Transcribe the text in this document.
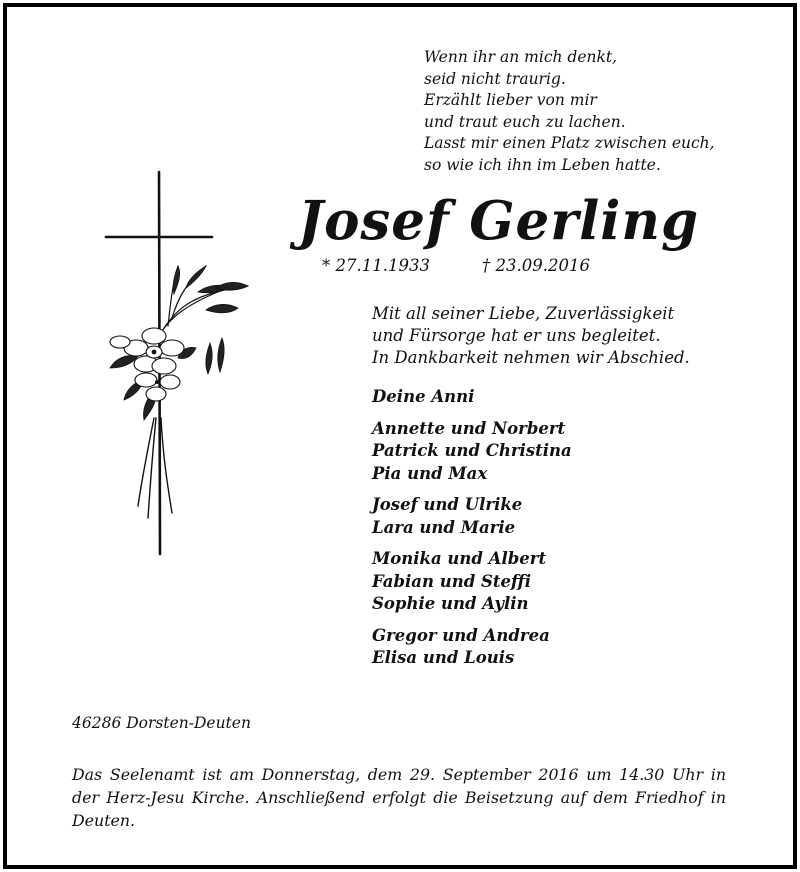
Wenn ihr an mich denkt,
seid nicht traurig.
Erzählt lieber von mir
und traut euch zu lachen.
Lasst mir einen Platz zwischen euch,
so wie ich ihn im Leben hatte.
Josef Gerling
* 27.11.1933	† 23.09.2016
Mit all seiner Liebe, Zuverlässigkeit
und Fürsorge hat er uns begleitet.
In Dankbarkeit nehmen wir Abschied.
Deine Anni
Annette und Norbert
Patrick und Christina
Pia und Max
Josef und Ulrike
Lara und Marie
Monika und Albert
Fabian und Steffi
Sophie und Aylin
Gregor und Andrea
Elisa und Louis
46286 Dorsten-Deuten
Das Seelenamt ist am Donnerstag, dem 29. September 2016 um 14.30 Uhr in der Herz-Jesu Kirche. Anschließend erfolgt die Beisetzung auf dem Friedhof in Deuten.
